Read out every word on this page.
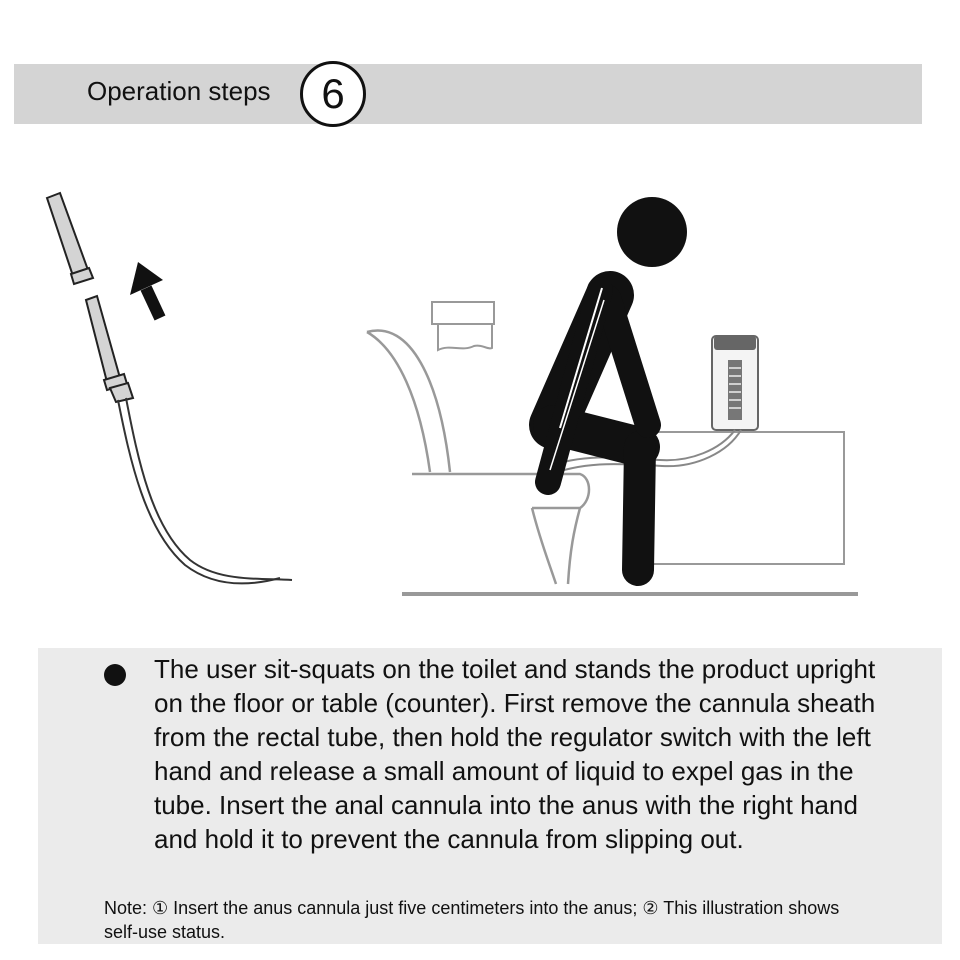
Operation steps 6

The user sit-squats on the toilet and stands the product upright on the floor or table (counter). First remove the cannula sheath from the rectal tube, then hold the regulator switch with the left hand and release a small amount of liquid to expel gas in the tube. Insert the anal cannula into the anus with the right hand and hold it to prevent the cannula from slipping out.

Note: ① Insert the anus cannula just five centimeters into the anus; ② This illustration shows self-use status.
